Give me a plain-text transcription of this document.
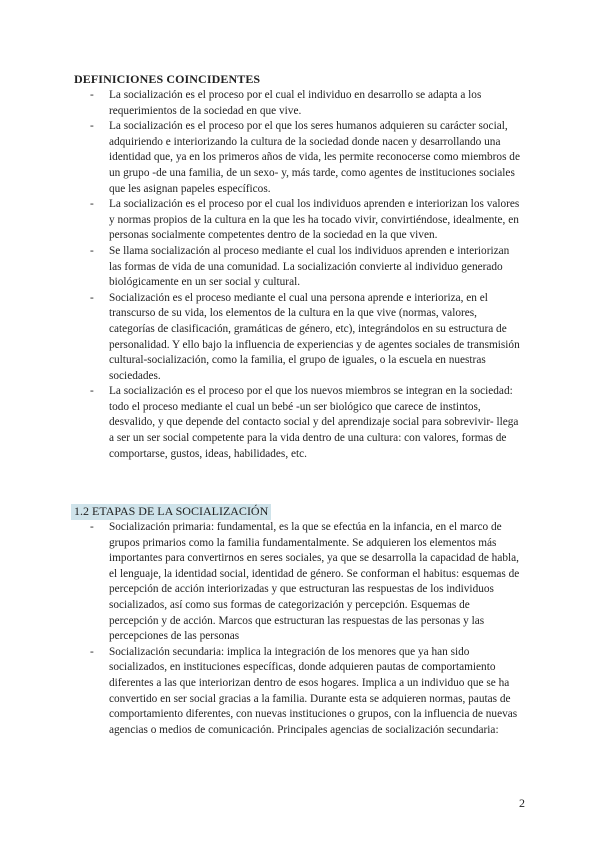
DEFINICIONES COINCIDENTES
- La socialización es el proceso por el cual el individuo en desarrollo se adapta a los requerimientos de la sociedad en que vive.
- La socialización es el proceso por el que los seres humanos adquieren su carácter social, adquiriendo e interiorizando la cultura de la sociedad donde nacen y desarrollando una identidad que, ya en los primeros años de vida, les permite reconocerse como miembros de un grupo -de una familia, de un sexo- y, más tarde, como agentes de instituciones sociales que les asignan papeles específicos.
- La socialización es el proceso por el cual los individuos aprenden e interiorizan los valores y normas propios de la cultura en la que les ha tocado vivir, convirtiéndose, idealmente, en personas socialmente competentes dentro de la sociedad en la que viven.
- Se llama socialización al proceso mediante el cual los individuos aprenden e interiorizan las formas de vida de una comunidad. La socialización convierte al individuo generado biológicamente en un ser social y cultural.
- Socialización es el proceso mediante el cual una persona aprende e interioriza, en el transcurso de su vida, los elementos de la cultura en la que vive (normas, valores, categorías de clasificación, gramáticas de género, etc), integrándolos en su estructura de personalidad. Y ello bajo la influencia de experiencias y de agentes sociales de transmisión cultural-socialización, como la familia, el grupo de iguales, o la escuela en nuestras sociedades.
- La socialización es el proceso por el que los nuevos miembros se integran en la sociedad: todo el proceso mediante el cual un bebé -un ser biológico que carece de instintos, desvalido, y que depende del contacto social y del aprendizaje social para sobrevivir- llega a ser un ser social competente para la vida dentro de una cultura: con valores, formas de comportarse, gustos, ideas, habilidades, etc.
1.2 ETAPAS DE LA SOCIALIZACIÓN
- Socialización primaria: fundamental, es la que se efectúa en la infancia, en el marco de grupos primarios como la familia fundamentalmente. Se adquieren los elementos más importantes para convertirnos en seres sociales, ya que se desarrolla la capacidad de habla, el lenguaje, la identidad social, identidad de género. Se conforman el habitus: esquemas de percepción de acción interiorizadas y que estructuran las respuestas de los individuos socializados, así como sus formas de categorización y percepción. Esquemas de percepción y de acción. Marcos que estructuran las respuestas de las personas y las percepciones de las personas
- Socialización secundaria: implica la integración de los menores que ya han sido socializados, en instituciones específicas, donde adquieren pautas de comportamiento diferentes a las que interiorizan dentro de esos hogares. Implica a un individuo que se ha convertido en ser social gracias a la familia. Durante esta se adquieren normas, pautas de comportamiento diferentes, con nuevas instituciones o grupos, con la influencia de nuevas agencias o medios de comunicación. Principales agencias de socialización secundaria:
2
